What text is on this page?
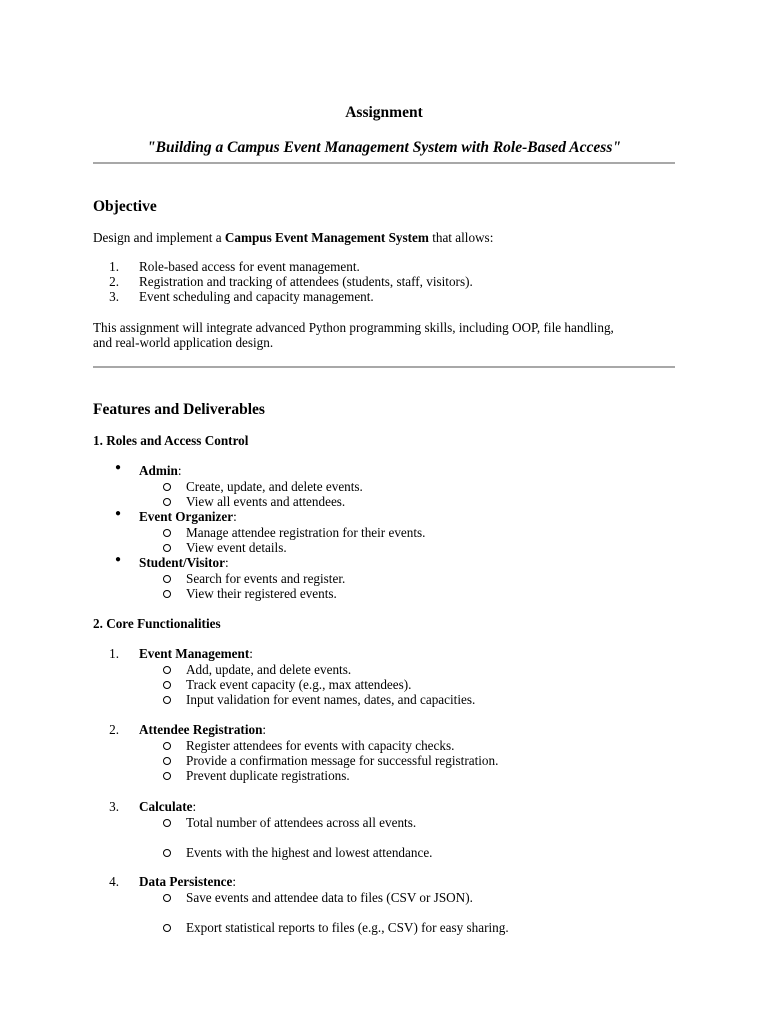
Assignment
"Building a Campus Event Management System with Role-Based Access"
Objective
Design and implement a Campus Event Management System that allows:
1. Role-based access for event management.
2. Registration and tracking of attendees (students, staff, visitors).
3. Event scheduling and capacity management.
This assignment will integrate advanced Python programming skills, including OOP, file handling,
and real-world application design.
Features and Deliverables
1. Roles and Access Control
● Admin:
Create, update, and delete events.
View all events and attendees.
● Event Organizer:
Manage attendee registration for their events.
View event details.
● Student/Visitor:
Search for events and register.
View their registered events.
2. Core Functionalities
1. Event Management:
Add, update, and delete events.
Track event capacity (e.g., max attendees).
Input validation for event names, dates, and capacities.
2. Attendee Registration:
Register attendees for events with capacity checks.
Provide a confirmation message for successful registration.
Prevent duplicate registrations.
3. Calculate:
Total number of attendees across all events.
Events with the highest and lowest attendance.
4. Data Persistence:
Save events and attendee data to files (CSV or JSON).
Export statistical reports to files (e.g., CSV) for easy sharing.
